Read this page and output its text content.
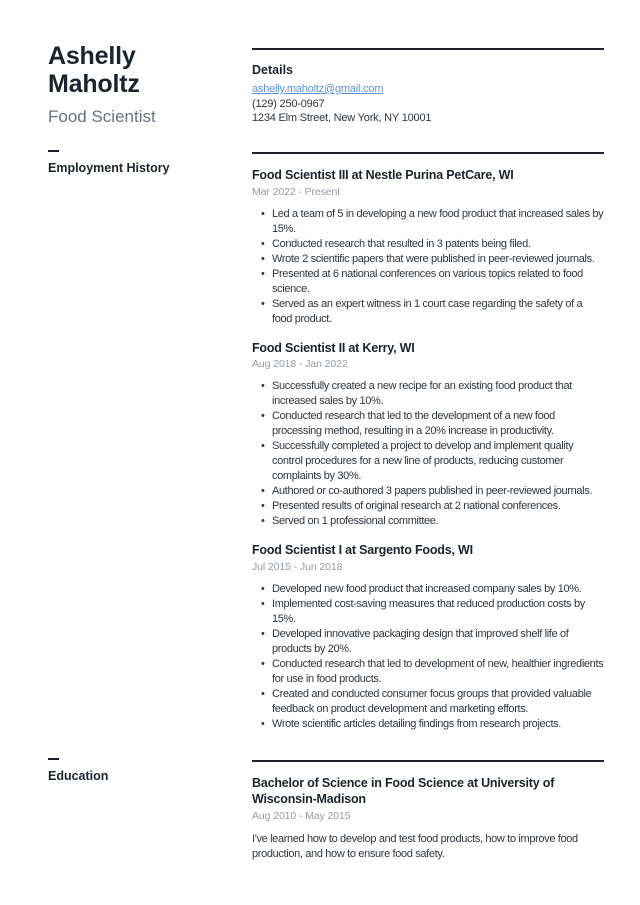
Ashelly Maholtz
Food Scientist
Details
ashelly.maholtz@gmail.com
(129) 250-0967
1234 Elm Street, New York, NY 10001
Employment History	Food Scientist III at Nestle Purina PetCare, WI
Mar 2022 - Present
• Led a team of 5 in developing a new food product that increased sales by 15%.
• Conducted research that resulted in 3 patents being filed.
• Wrote 2 scientific papers that were published in peer-reviewed journals.
• Presented at 6 national conferences on various topics related to food science.
• Served as an expert witness in 1 court case regarding the safety of a food product.
Food Scientist II at Kerry, WI
Aug 2018 - Jan 2022
• Successfully created a new recipe for an existing food product that increased sales by 10%.
• Conducted research that led to the development of a new food processing method, resulting in a 20% increase in productivity.
• Successfully completed a project to develop and implement quality control procedures for a new line of products, reducing customer complaints by 30%.
• Authored or co-authored 3 papers published in peer-reviewed journals.
• Presented results of original research at 2 national conferences.
• Served on 1 professional committee.
Food Scientist I at Sargento Foods, WI
Jul 2015 - Jun 2018
• Developed new food product that increased company sales by 10%.
• Implemented cost-saving measures that reduced production costs by 15%.
• Developed innovative packaging design that improved shelf life of products by 20%.
• Conducted research that led to development of new, healthier ingredients for use in food products.
• Created and conducted consumer focus groups that provided valuable feedback on product development and marketing efforts.
• Wrote scientific articles detailing findings from research projects.
Education	Bachelor of Science in Food Science at University of Wisconsin-Madison
Aug 2010 - May 2015

I've learned how to develop and test food products, how to improve food production, and how to ensure food safety.
